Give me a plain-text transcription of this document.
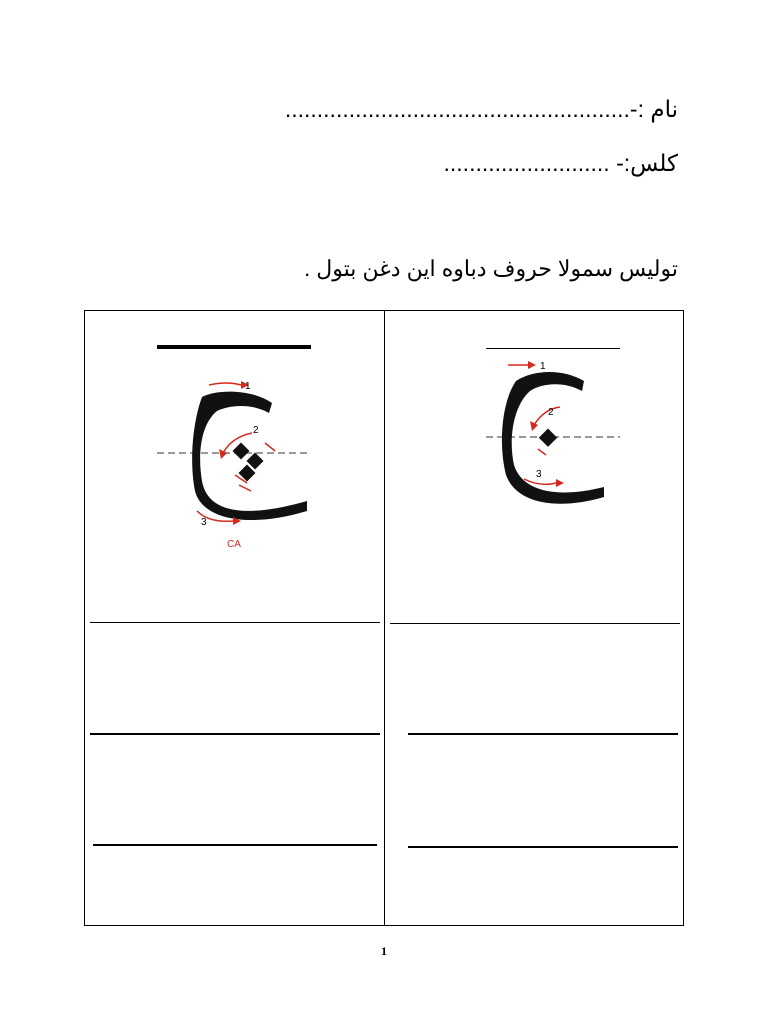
نام :-......................................................
كلس:- ..........................
توليس سمولا حروف دباوه اين دغن بتول .
1
2
3
CA
1
2
3
1
